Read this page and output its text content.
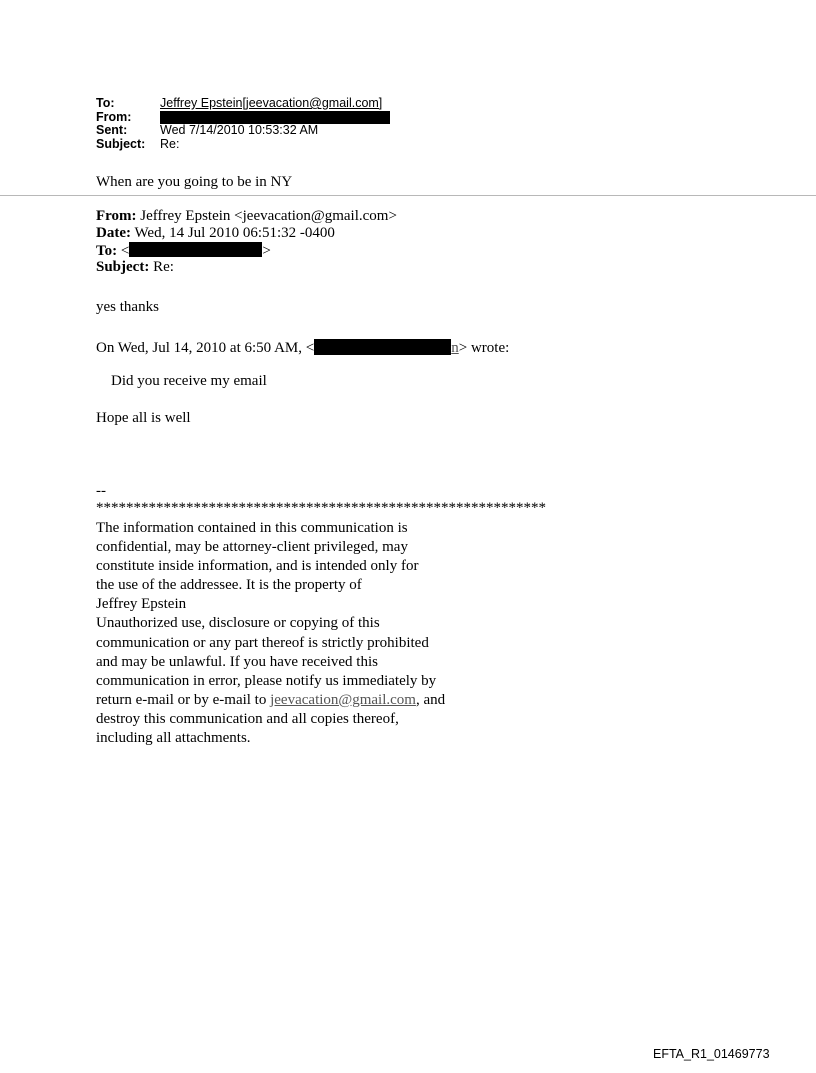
To:	Jeffrey Epstein[jeevacation@gmail.com]
From:
Sent:	Wed 7/14/2010 10:53:32 AM
Subject: Re:
When are you going to be in NY
From: Jeffrey Epstein <jeevacation@gmail.com>
Date: Wed, 14 Jul 2010 06:51:32 -0400
To: <	>
Subject: Re:
yes thanks
On Wed, Jul 14, 2010 at 6:50 AM, <	n> wrote:
Did you receive my email
Hope all is well
--
************************************************************
The information contained in this communication is
confidential, may be attorney-client privileged, may
constitute inside information, and is intended only for
the use of the addressee. It is the property of
Jeffrey Epstein
Unauthorized use, disclosure or copying of this
communication or any part thereof is strictly prohibited
and may be unlawful. If you have received this
communication in error, please notify us immediately by
return e-mail or by e-mail to jeevacation@gmail.com, and
destroy this communication and all copies thereof,
including all attachments.
EFTA_R1_01469773
